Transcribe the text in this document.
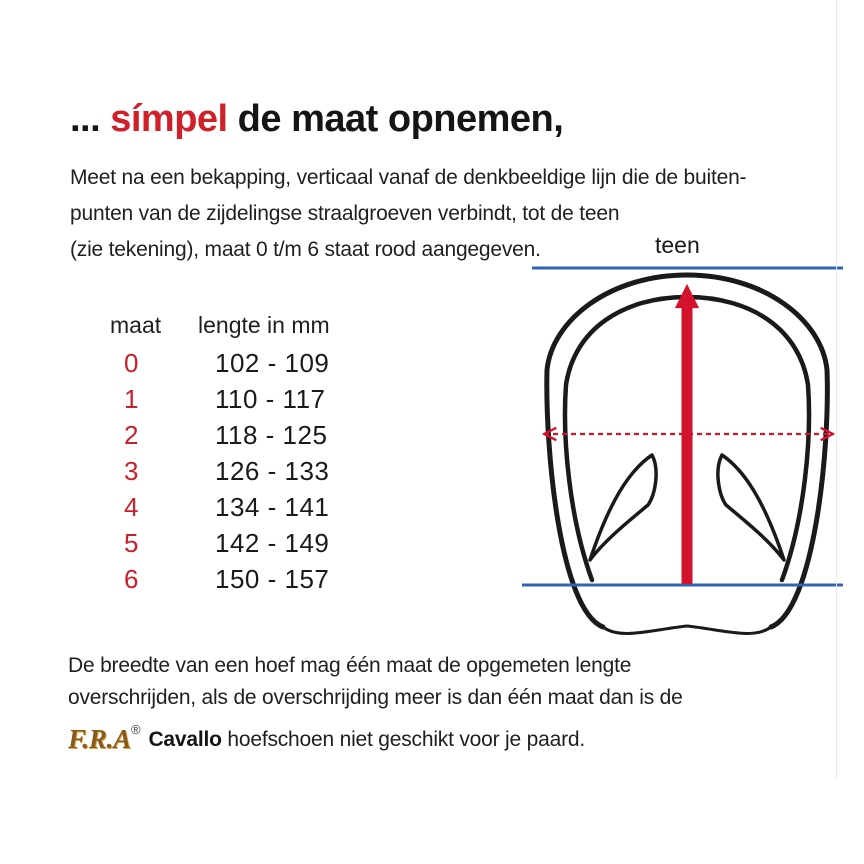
... símpel de maat opnemen,
Meet na een bekapping, verticaal vanaf de denkbeeldige lijn die de buiten-
punten van de zijdelingse straalgroeven verbindt, tot de teen
(zie tekening), maat 0 t/m 6 staat rood aangegeven.	teen
maat lengte in mm
0	102 - 109
1	110 - 117
2	118 - 125
3	126 - 133
4	134 - 141
5	142 - 149
6	150 - 157
De breedte van een hoef mag één maat de opgemeten lengte
overschrijden, als de overschrijding meer is dan één maat dan is de
F.R.A® Cavallo hoefschoen niet geschikt voor je paard.
